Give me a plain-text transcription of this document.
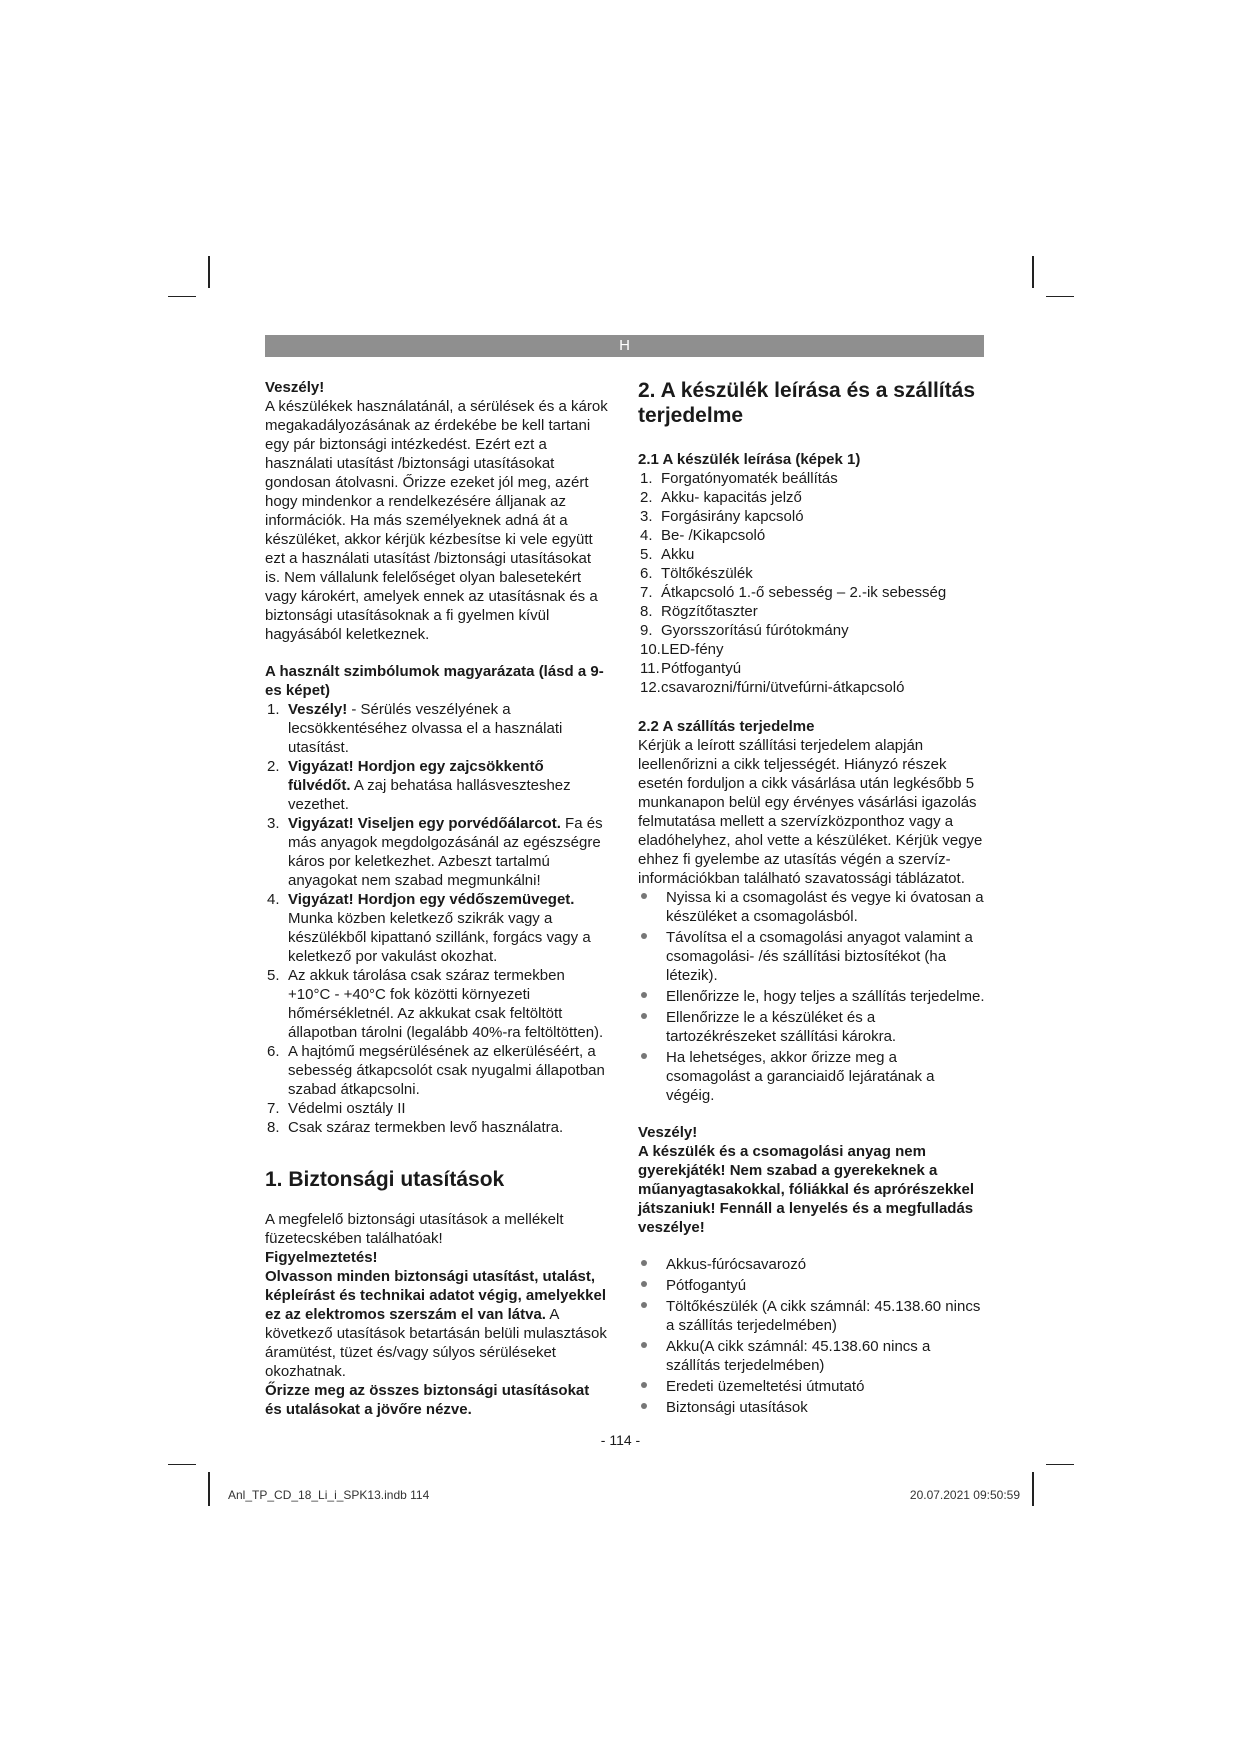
H

Veszély!

A készülékek használatánál, a sérülések és a károk megakadályozásának az érdekébe be kell tartani egy pár biztonsági intézkedést. Ezért ezt a használati utasítást /biztonsági utasításokat gondosan átolvasni. Őrizze ezeket jól meg, azért hogy mindenkor a rendelkezésére álljanak az információk. Ha más személyeknek adná át a készüléket, akkor kérjük kézbesítse ki vele együtt ezt a használati utasítást /biztonsági utasításokat is. Nem vállalunk felelőséget olyan balesetekért vagy károkért, amelyek ennek az utasításnak és a biztonsági utasításoknak a fi gyelmen kívül hagyásából keletkeznek.

A használt szimbólumok magyarázata (lásd a 9-es képet)

1. Veszély! - Sérülés veszélyének a lecsökkentéséhez olvassa el a használati utasítást.
2. Vigyázat! Hordjon egy zajcsökkentő fülvédőt. A zaj behatása hallásveszteshez vezethet.
3. Vigyázat! Viseljen egy porvédőálarcot. Fa és más anyagok megdolgozásánál az egészségre káros por keletkezhet. Azbeszt tartalmú anyagokat nem szabad megmunkálni!
4. Vigyázat! Hordjon egy védőszemüveget. Munka közben keletkező szikrák vagy a készülékből kipattanó szillánk, forgács vagy a keletkező por vakulást okozhat.
5. Az akkuk tárolása csak száraz termekben +10°C - +40°C fok közötti környezeti hőmérsékletnél. Az akkukat csak feltöltött állapotban tárolni (legalább 40%-ra feltöltötten).
6. A hajtómű megsérülésének az elkerüléséért, a sebesség átkapcsolót csak nyugalmi állapotban szabad átkapcsolni.
7. Védelmi osztály II
8. Csak száraz termekben levő használatra.

1. Biztonsági utasítások

A megfelelő biztonsági utasítások a mellékelt füzetecskében találhatóak!

Figyelmeztetés!

Olvasson minden biztonsági utasítást, utalást, képleírást és technikai adatot végig, amelyekkel ez az elektromos szerszám el van látva. A következő utasítások betartásán belüli mulasztások áramütést, tüzet és/vagy súlyos sérüléseket okozhatnak.

Őrizze meg az összes biztonsági utasításokat és utalásokat a jövőre nézve.

2. A készülék leírása és a szállítás terjedelme

2.1 A készülék leírása (képek 1)

1. Forgatónyomaték beállítás
2. Akku- kapacitás jelző
3. Forgásirány kapcsoló
4. Be- /Kikapcsoló
5. Akku
6. Töltőkészülék
7. Átkapcsoló 1.-ő sebesség – 2.-ik sebesség
8. Rögzítőtaszter
9. Gyorsszorítású fúrótokmány
10. LED-fény
11. Pótfogantyú
12. csavarozni/fúrni/ütvefúrni-átkapcsoló

2.2 A szállítás terjedelme

Kérjük a leírott szállítási terjedelem alapján leellenőrizni a cikk teljességét. Hiányzó részek esetén forduljon a cikk vásárlása után legkésőbb 5 munkanapon belül egy érvényes vásárlási igazolás felmutatása mellett a szervízközponthoz vagy a eladóhelyhez, ahol vette a készüléket. Kérjük vegye ehhez fi gyelembe az utasítás végén a szervíz-információkban található szavatossági táblázatot.

Nyissa ki a csomagolást és vegye ki óvatosan a készüléket a csomagolásból.
Távolítsa el a csomagolási anyagot valamint a csomagolási- /és szállítási biztosítékot (ha létezik).
Ellenőrizze le, hogy teljes a szállítás terjedelme.
Ellenőrizze le a készüléket és a tartozékrészeket szállítási károkra.
Ha lehetséges, akkor őrizze meg a csomagolást a garanciaidő lejáratának a végéig.

Veszély!

A készülék és a csomagolási anyag nem gyerekjáték! Nem szabad a gyerekeknek a műanyagtasakokkal, fóliákkal és aprórészekkel játszaniuk! Fennáll a lenyelés és a megfulladás veszélye!

Akkus-fúrócsavarozó
Pótfogantyú
Töltőkészülék (A cikk számnál: 45.138.60 nincs a szállítás terjedelmében)
Akku(A cikk számnál: 45.138.60 nincs a szállítás terjedelmében)
Eredeti üzemeltetési útmutató
Biztonsági utasítások
- 114 -
Anl_TP_CD_18_Li_i_SPK13.indb 114	20.07.2021 09:50:59
